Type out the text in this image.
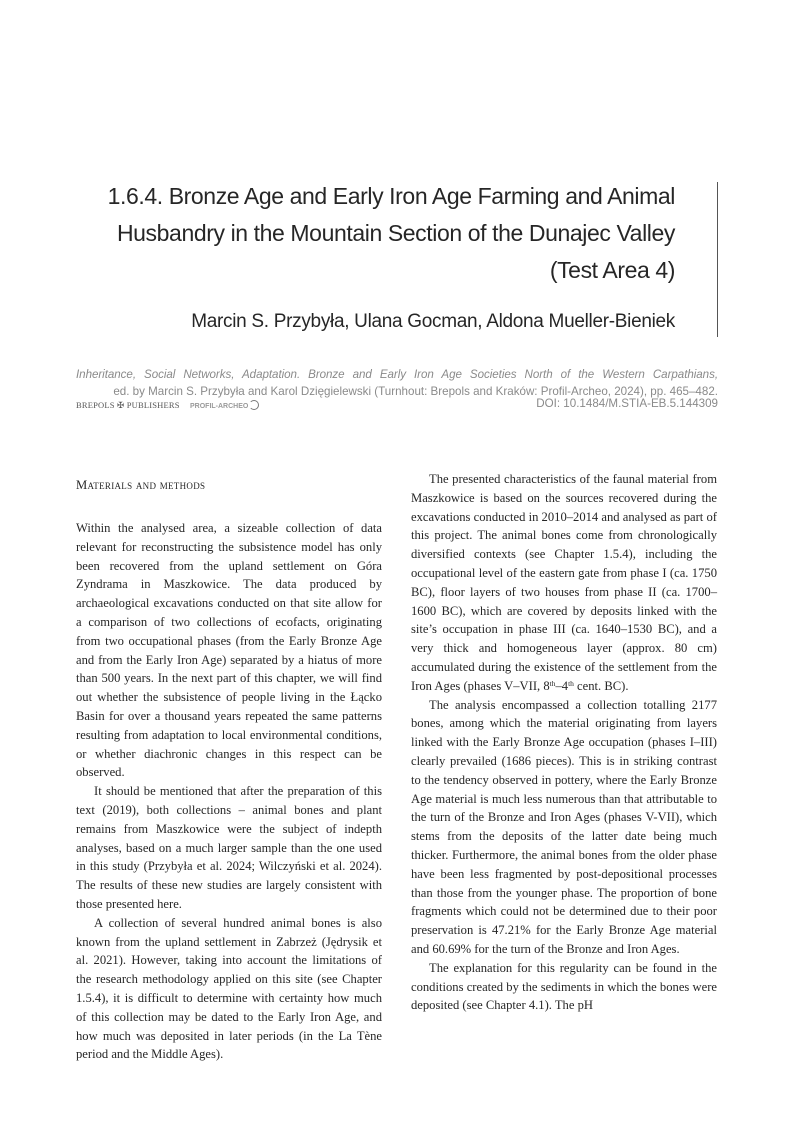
1.6.4. Bronze Age and Early Iron Age Farming and Animal
Husbandry in the Mountain Section of the Dunajec Valley
(Test Area 4)
Marcin S. Przybyła, Ulana Gocman, Aldona Mueller-Bieniek
Inheritance, Social Networks, Adaptation. Bronze and Early Iron Age Societies North of the Western Carpathians,
ed. by Marcin S. Przybyła and Karol Dzięgielewski (Turnhout: Brepols and Kraków: Profil-Archeo, 2024), pp. 465–482.
BREPOLS ✠ PUBLISHERS PROFIL-ARCHEO	DOI: 10.1484/M.STIA-EB.5.144309
Materials and methods

Within the analysed area, a sizeable collection of data relevant for reconstructing the subsistence model has only been recovered from the upland settlement on Góra Zyndrama in Maszkowice. The data produced by archaeological excavations conducted on that site allow for a comparison of two collections of ecofacts, originating from two occupational phases (from the Early Bronze Age and from the Early Iron Age) separated by a hiatus of more than 500 years. In the next part of this chapter, we will find out whether the subsistence of people living in the Łącko Basin for over a thousand years repeated the same patterns resulting from adaptation to local environmental conditions, or whether diachronic changes in this respect can be observed.

It should be mentioned that after the preparation of this text (2019), both collections – animal bones and plant remains from Maszkowice were the subject of indepth analyses, based on a much larger sample than the one used in this study (Przybyła et al. 2024; Wilczyński et al. 2024). The results of these new studies are largely consistent with those presented here.

A collection of several hundred animal bones is also known from the upland settlement in Zabrzeż (Jędrysik et al. 2021). However, taking into account the limitations of the research methodology applied on this site (see Chapter 1.5.4), it is difficult to determine with certainty how much of this collection may be dated to the Early Iron Age, and how much was deposited in later periods (in the La Tène period and the Middle Ages).

The presented characteristics of the faunal material from Maszkowice is based on the sources recovered during the excavations conducted in 2010–2014 and analysed as part of this project. The animal bones come from chronologically diversified contexts (see Chapter 1.5.4), including the occupational level of the eastern gate from phase I (ca. 1750 BC), floor layers of two houses from phase II (ca. 1700–1600 BC), which are covered by deposits linked with the site’s occupation in phase III (ca. 1640–1530 BC), and a very thick and homogeneous layer (approx. 80 cm) accumulated during the existence of the settlement from the Iron Ages (phases V–VII, 8th–4th cent. BC).

The analysis encompassed a collection totalling 2177 bones, among which the material originating from layers linked with the Early Bronze Age occupation (phases I–III) clearly prevailed (1686 pieces). This is in striking contrast to the tendency observed in pottery, where the Early Bronze Age material is much less numerous than that attributable to the turn of the Bronze and Iron Ages (phases V-VII), which stems from the deposits of the latter date being much thicker. Furthermore, the animal bones from the older phase have been less fragmented by post-depositional processes than those from the younger phase. The proportion of bone fragments which could not be determined due to their poor preservation is 47.21% for the Early Bronze Age material and 60.69% for the turn of the Bronze and Iron Ages.

The explanation for this regularity can be found in the conditions created by the sediments in which the bones were deposited (see Chapter 4.1). The pH
